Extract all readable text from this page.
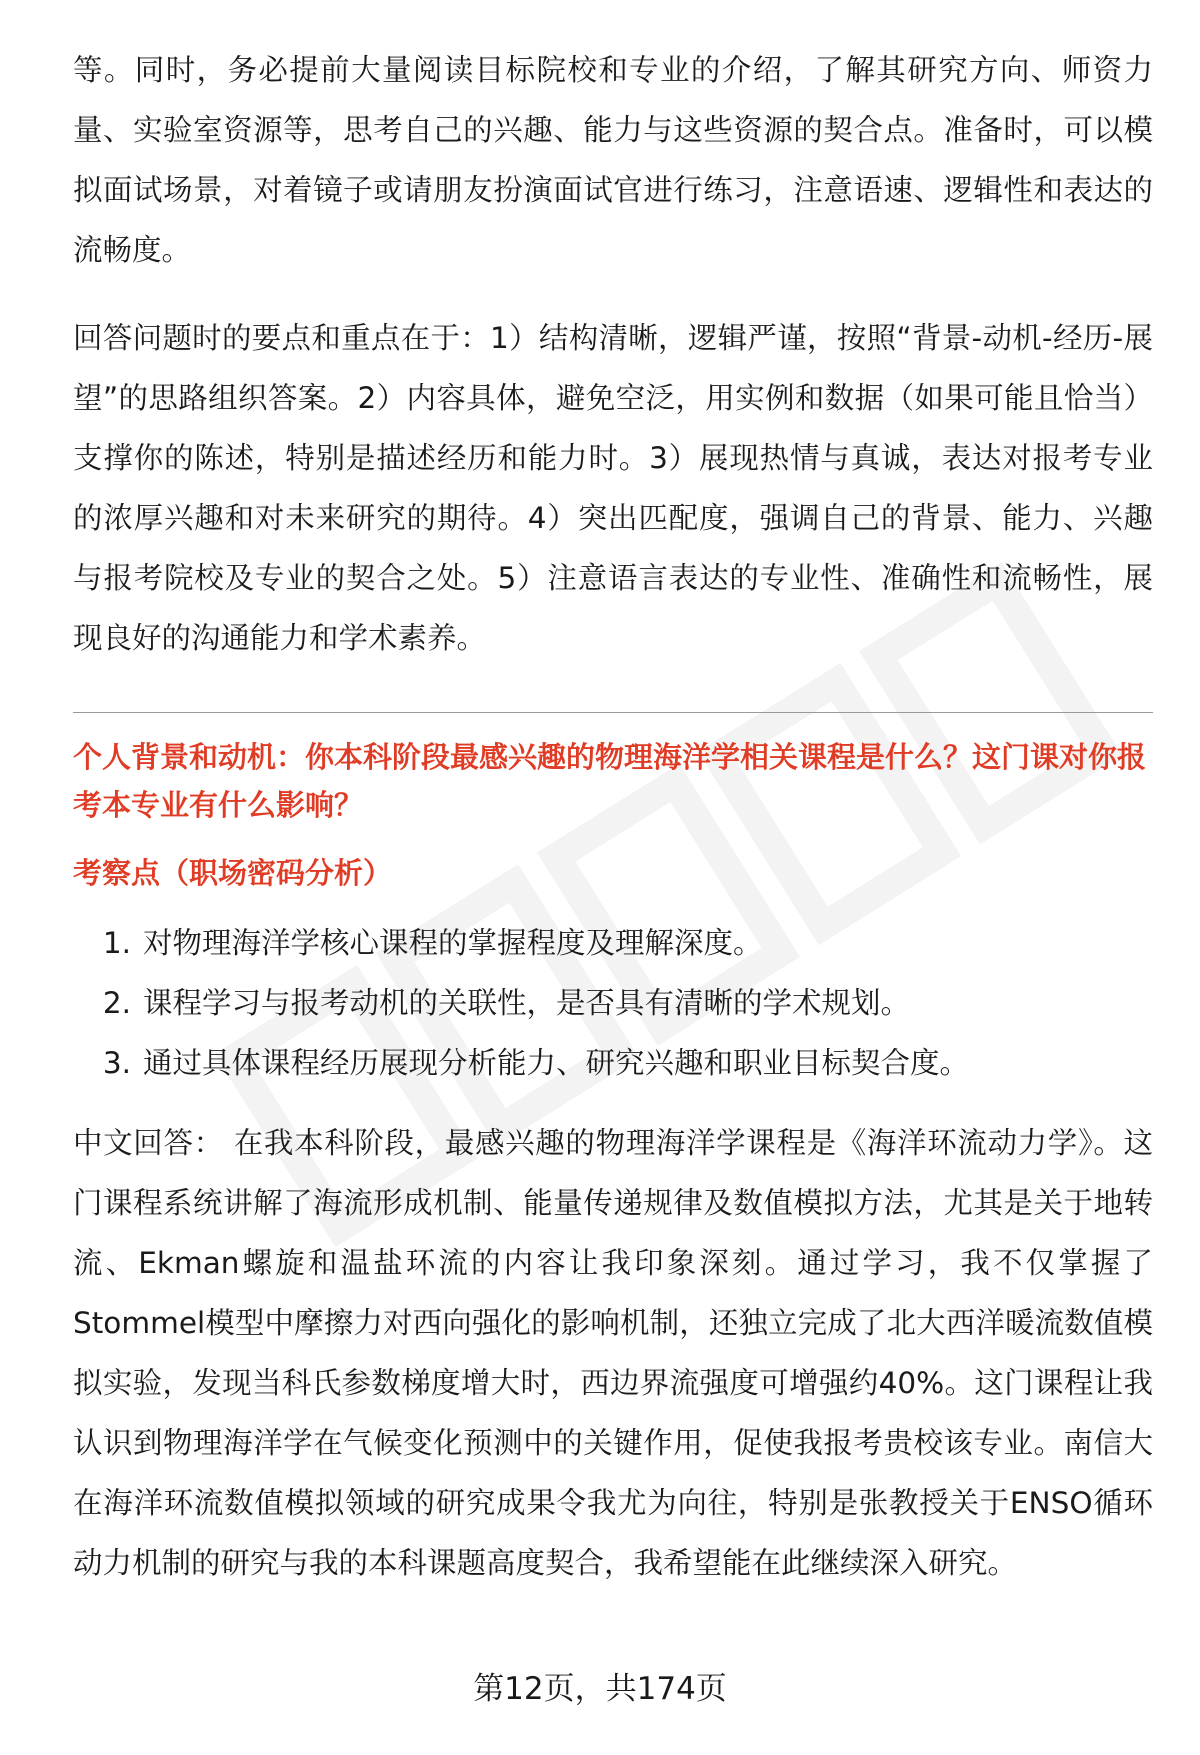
等。同时，务必提前大量阅读目标院校和专业的介绍，了解其研究方向、师资力量、实验室资源等，思考自己的兴趣、能力与这些资源的契合点。准备时，可以模拟面试场景，对着镜子或请朋友扮演面试官进行练习，注意语速、逻辑性和表达的流畅度。

回答问题时的要点和重点在于：1）结构清晰，逻辑严谨，按照“背景-动机-经历-展望”的思路组织答案。2）内容具体，避免空泛，用实例和数据（如果可能且恰当）支撑你的陈述，特别是描述经历和能力时。3）展现热情与真诚，表达对报考专业的浓厚兴趣和对未来研究的期待。4）突出匹配度，强调自己的背景、能力、兴趣与报考院校及专业的契合之处。5）注意语言表达的专业性、准确性和流畅性，展现良好的沟通能力和学术素养。

个人背景和动机：你本科阶段最感兴趣的物理海洋学相关课程是什么？这门课对你报考本专业有什么影响？

考察点（职场密码分析）

1. 对物理海洋学核心课程的掌握程度及理解深度。
2. 课程学习与报考动机的关联性，是否具有清晰的学术规划。
3. 通过具体课程经历展现分析能力、研究兴趣和职业目标契合度。

中文回答： 在我本科阶段，最感兴趣的物理海洋学课程是《海洋环流动力学》。这门课程系统讲解了海流形成机制、能量传递规律及数值模拟方法，尤其是关于地转流、Ekman螺旋和温盐环流的内容让我印象深刻。通过学习，我不仅掌握了Stommel模型中摩擦力对西向强化的影响机制，还独立完成了北大西洋暖流数值模拟实验，发现当科氏参数梯度增大时，西边界流强度可增强约40%。这门课程让我认识到物理海洋学在气候变化预测中的关键作用，促使我报考贵校该专业。南信大在海洋环流数值模拟领域的研究成果令我尤为向往，特别是张教授关于ENSO循环动力机制的研究与我的本科课题高度契合，我希望能在此继续深入研究。

第12页，共174页
